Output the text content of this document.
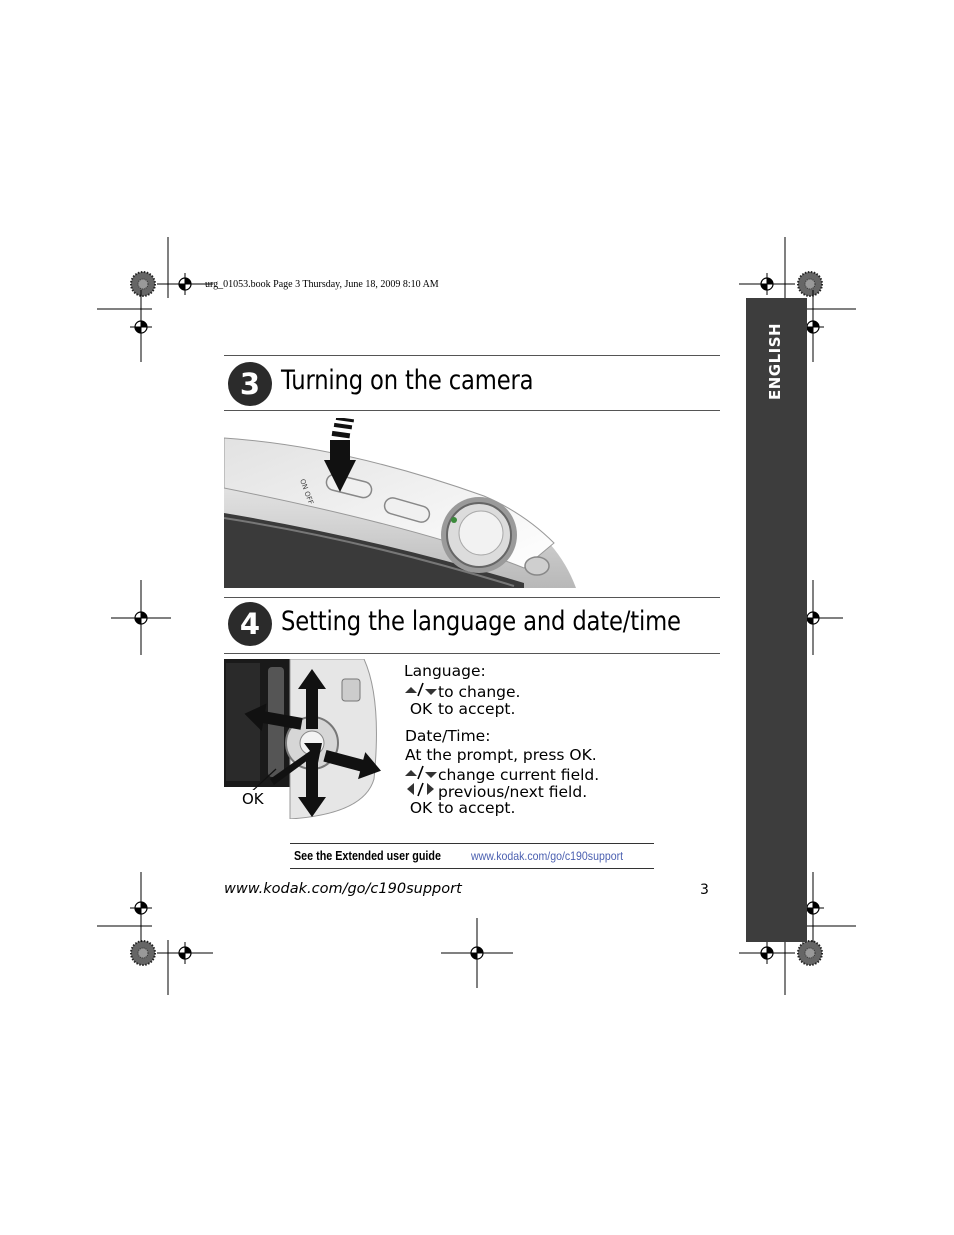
urg_01053.book Page 3 Thursday, June 18, 2009 8:10 AM
ENGLISH
3 Turning on the camera
ON OFF
4 Setting the language and date/time
OK
Language:
to change.
OK to accept.
Date/Time:
At the prompt, press OK.
change current field.
previous/next field.
OK to accept.
See the Extended user guide	www.kodak.com/go/c190support
www.kodak.com/go/c190support	3
